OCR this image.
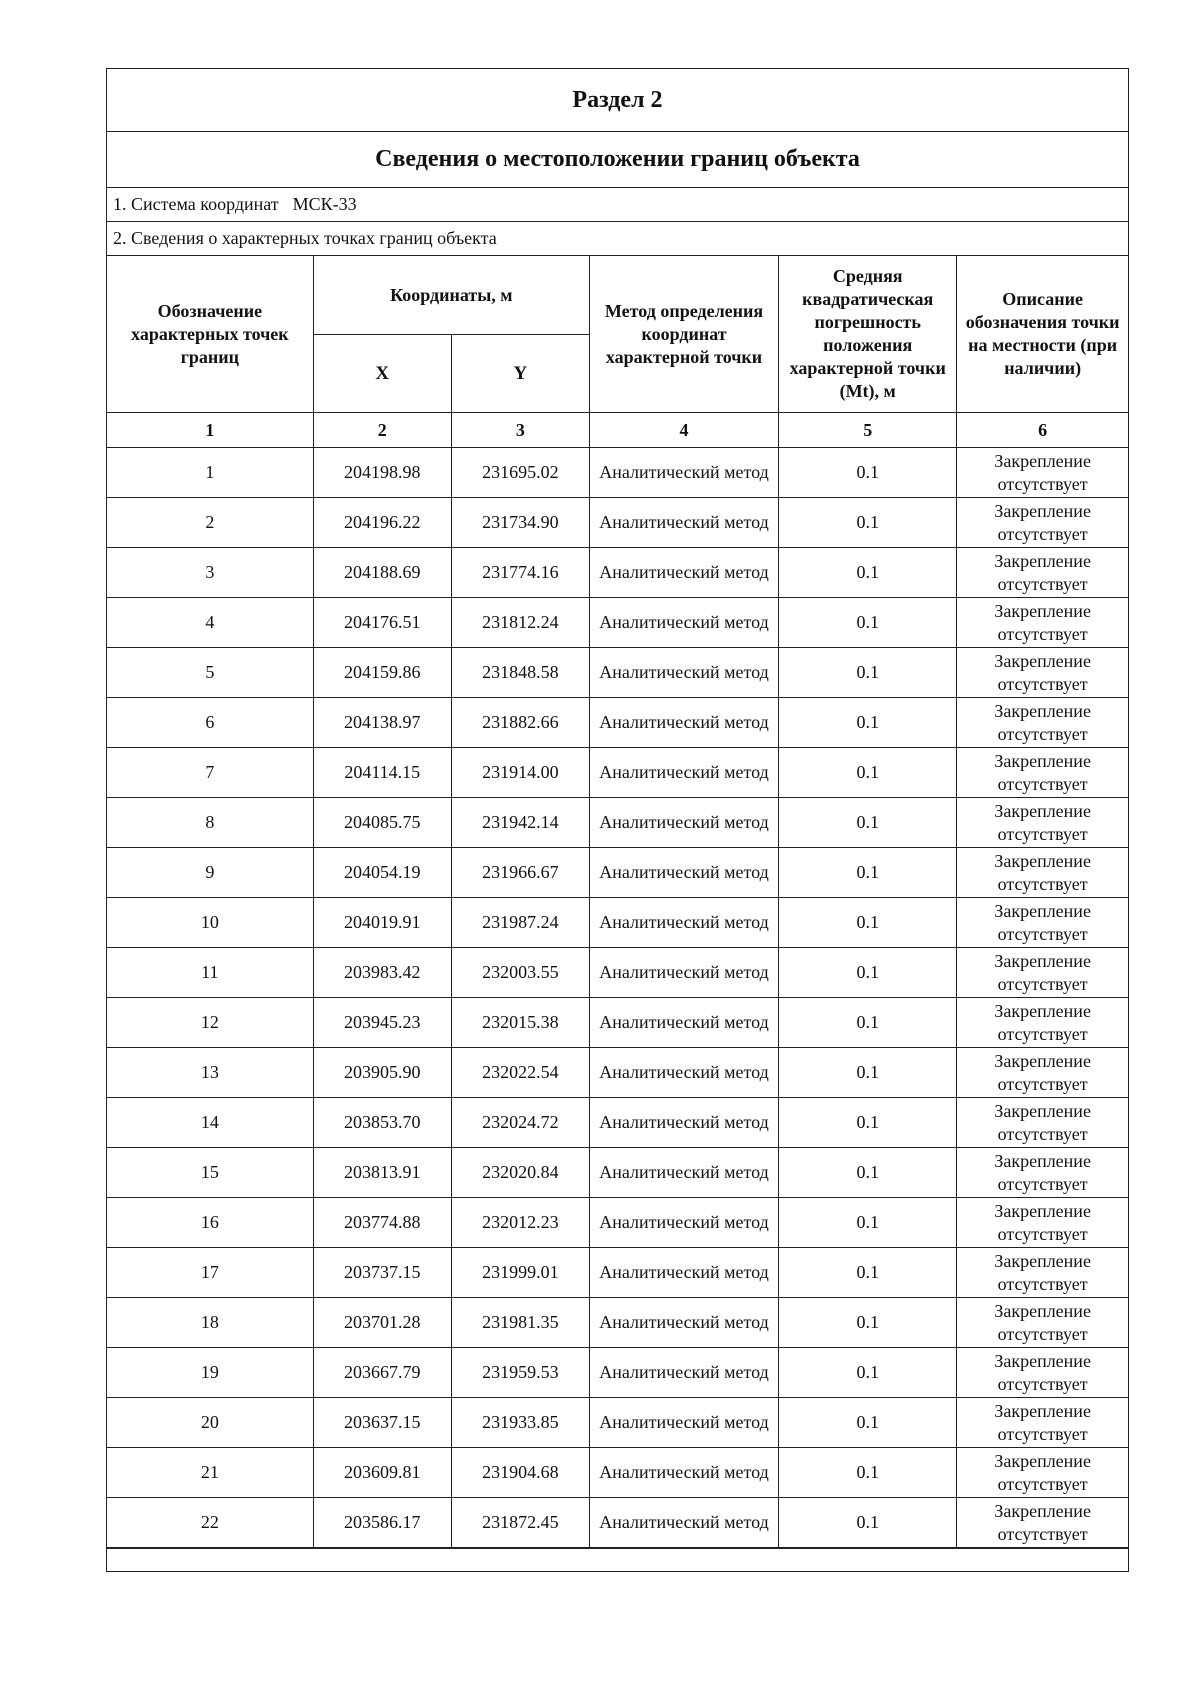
Раздел 2
Сведения о местоположении границ объекта
1. Система координат МСК-33
2. Сведения о характерных точках границ объекта
Обозначение характерных точек границ	Координаты, м		Метод определения координат характерной точки	Средняя квадратическая погрешность положения характерной точки (Mt), м	Описание обозначения точки на местности (при наличии)
	X	Y			
1	2	3	4	5	6
1	204198.98	231695.02	Аналитический метод	0.1	Закрепление отсутствует
2	204196.22	231734.90	Аналитический метод	0.1	Закрепление отсутствует
3	204188.69	231774.16	Аналитический метод	0.1	Закрепление отсутствует
4	204176.51	231812.24	Аналитический метод	0.1	Закрепление отсутствует
5	204159.86	231848.58	Аналитический метод	0.1	Закрепление отсутствует
6	204138.97	231882.66	Аналитический метод	0.1	Закрепление отсутствует
7	204114.15	231914.00	Аналитический метод	0.1	Закрепление отсутствует
8	204085.75	231942.14	Аналитический метод	0.1	Закрепление отсутствует
9	204054.19	231966.67	Аналитический метод	0.1	Закрепление отсутствует
10	204019.91	231987.24	Аналитический метод	0.1	Закрепление отсутствует
11	203983.42	232003.55	Аналитический метод	0.1	Закрепление отсутствует
12	203945.23	232015.38	Аналитический метод	0.1	Закрепление отсутствует
13	203905.90	232022.54	Аналитический метод	0.1	Закрепление отсутствует
14	203853.70	232024.72	Аналитический метод	0.1	Закрепление отсутствует
15	203813.91	232020.84	Аналитический метод	0.1	Закрепление отсутствует
16	203774.88	232012.23	Аналитический метод	0.1	Закрепление отсутствует
17	203737.15	231999.01	Аналитический метод	0.1	Закрепление отсутствует
18	203701.28	231981.35	Аналитический метод	0.1	Закрепление отсутствует
19	203667.79	231959.53	Аналитический метод	0.1	Закрепление отсутствует
20	203637.15	231933.85	Аналитический метод	0.1	Закрепление отсутствует
21	203609.81	231904.68	Аналитический метод	0.1	Закрепление отсутствует
22	203586.17	231872.45	Аналитический метод	0.1	Закрепление отсутствует
